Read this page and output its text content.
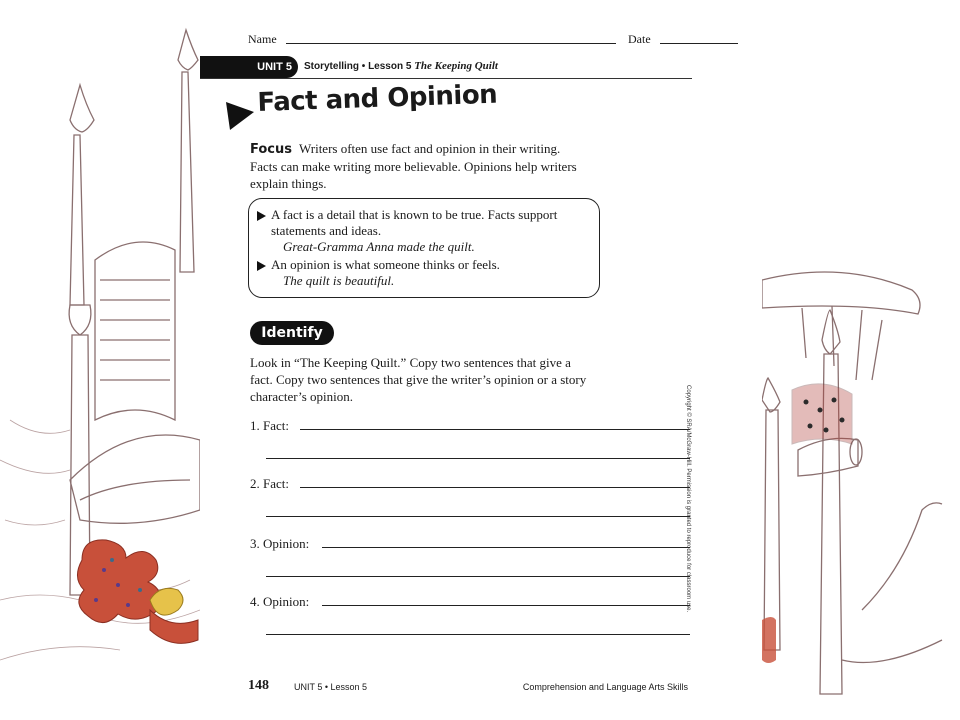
Name	Date
UNIT 5	Storytelling • Lesson 5 The Keeping Quilt
Fact and Opinion
Focus Writers often use fact and opinion in their writing. Facts can make writing more believable. Opinions help writers explain things.
A fact is a detail that is known to be true. Facts support statements and ideas.
Great-Gramma Anna made the quilt.
An opinion is what someone thinks or feels.
The quilt is beautiful.
Identify
Look in “The Keeping Quilt.” Copy two sentences that give a fact. Copy two sentences that give the writer’s opinion or a story character’s opinion.
1. Fact:
2. Fact:
3. Opinion:
4. Opinion:	Copyright © SRA/McGraw-Hill. Permission is granted to reproduce for classroom use.
148	UNIT 5 • Lesson 5	Comprehension and Language Arts Skills
